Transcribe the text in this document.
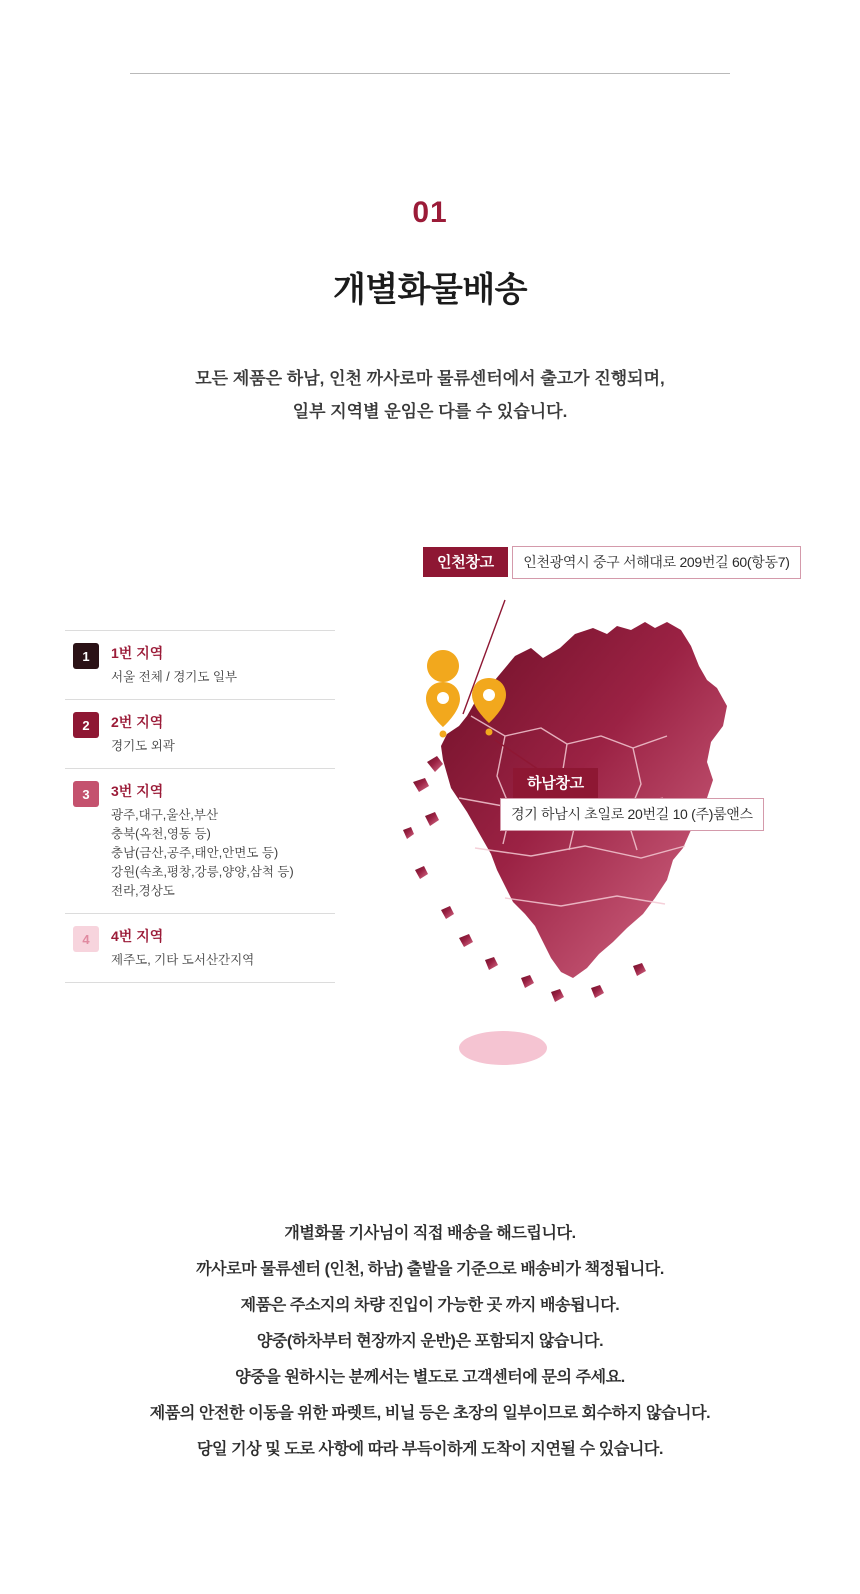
01
개별화물배송
모든 제품은 하남, 인천 까사로마 물류센터에서 출고가 진행되며,
일부 지역별 운임은 다를 수 있습니다.
1	1번 지역
서울 전체 / 경기도 일부
2	2번 지역
경기도 외곽
3	3번 지역
광주,대구,울산,부산
충북(옥천,영동 등)
충남(금산,공주,태안,안면도 등)
강원(속초,평창,강릉,양양,삼척 등)
전라,경상도
4	4번 지역
제주도, 기타 도서산간지역
인천창고 인천광역시 중구 서해대로 209번길 60(항동7)
하남창고 경기 하남시 초일로 20번길 10 (주)룸앤스
개별화물 기사님이 직접 배송을 해드립니다.
까사로마 물류센터 (인천, 하남) 출발을 기준으로 배송비가 책정됩니다.
제품은 주소지의 차량 진입이 가능한 곳 까지 배송됩니다.
양중(하차부터 현장까지 운반)은 포함되지 않습니다.
양중을 원하시는 분께서는 별도로 고객센터에 문의 주세요.
제품의 안전한 이동을 위한 파렛트, 비닐 등은 초장의 일부이므로 회수하지 않습니다.
당일 기상 및 도로 사항에 따라 부득이하게 도착이 지연될 수 있습니다.
